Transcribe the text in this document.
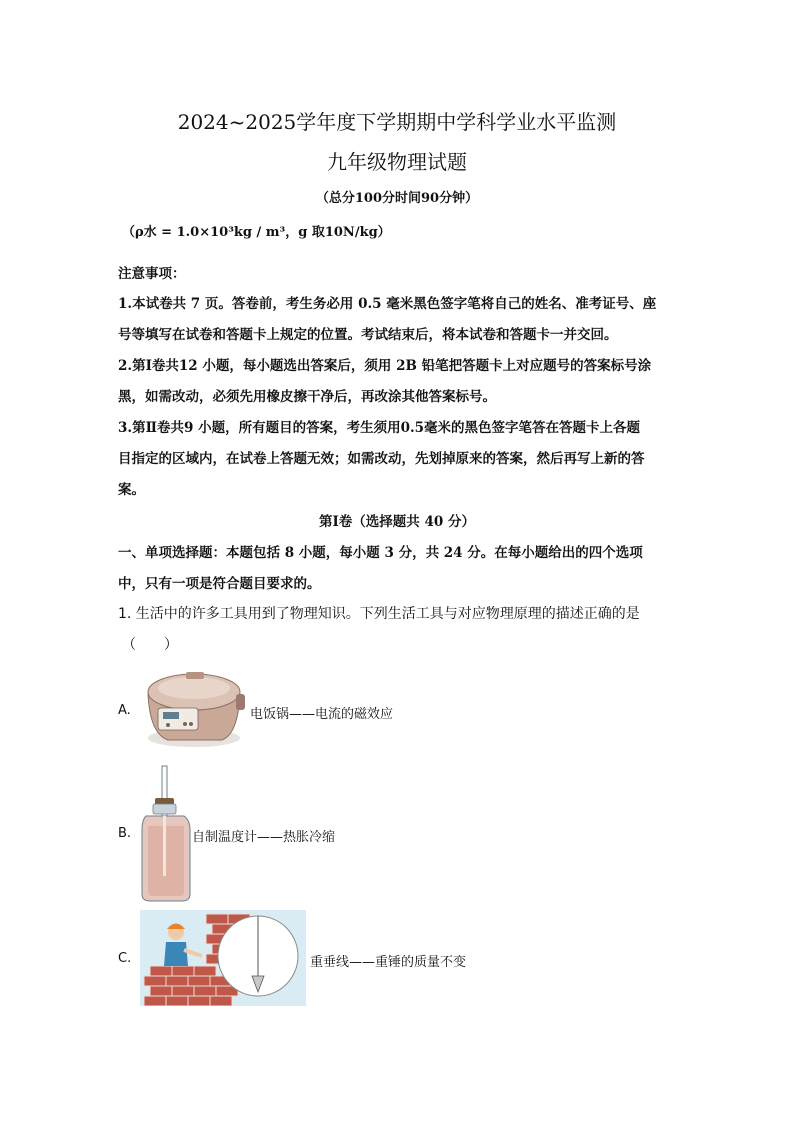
2024~2025学年度下学期期中学科学业水平监测
九年级物理试题
（总分100分时间90分钟）
（ρ水 = 1.0×10³kg / m³，g 取10N/kg）
注意事项：
1.本试卷共 7 页。答卷前，考生务必用 0.5 毫米黑色签字笔将自己的姓名、准考证号、座
号等填写在试卷和答题卡上规定的位置。考试结束后，将本试卷和答题卡一并交回。
2.第Ⅰ卷共12 小题，每小题选出答案后，须用 2B 铅笔把答题卡上对应题号的答案标号涂
黑，如需改动，必须先用橡皮擦干净后，再改涂其他答案标号。
3.第Ⅱ卷共9 小题，所有题目的答案，考生须用0.5毫米的黑色签字笔答在答题卡上各题
目指定的区域内，在试卷上答题无效；如需改动，先划掉原来的答案，然后再写上新的答
案。
第Ⅰ卷（选择题共 40 分）
一、单项选择题：本题包括 8 小题，每小题 3 分，共 24 分。在每小题给出的四个选项
中，只有一项是符合题目要求的。
1. 生活中的许多工具用到了物理知识。下列生活工具与对应物理原理的描述正确的是
（　　）
A.	电饭锅——电流的磁效应
B.	自制温度计——热胀冷缩
C.	重垂线——重锤的质量不变
